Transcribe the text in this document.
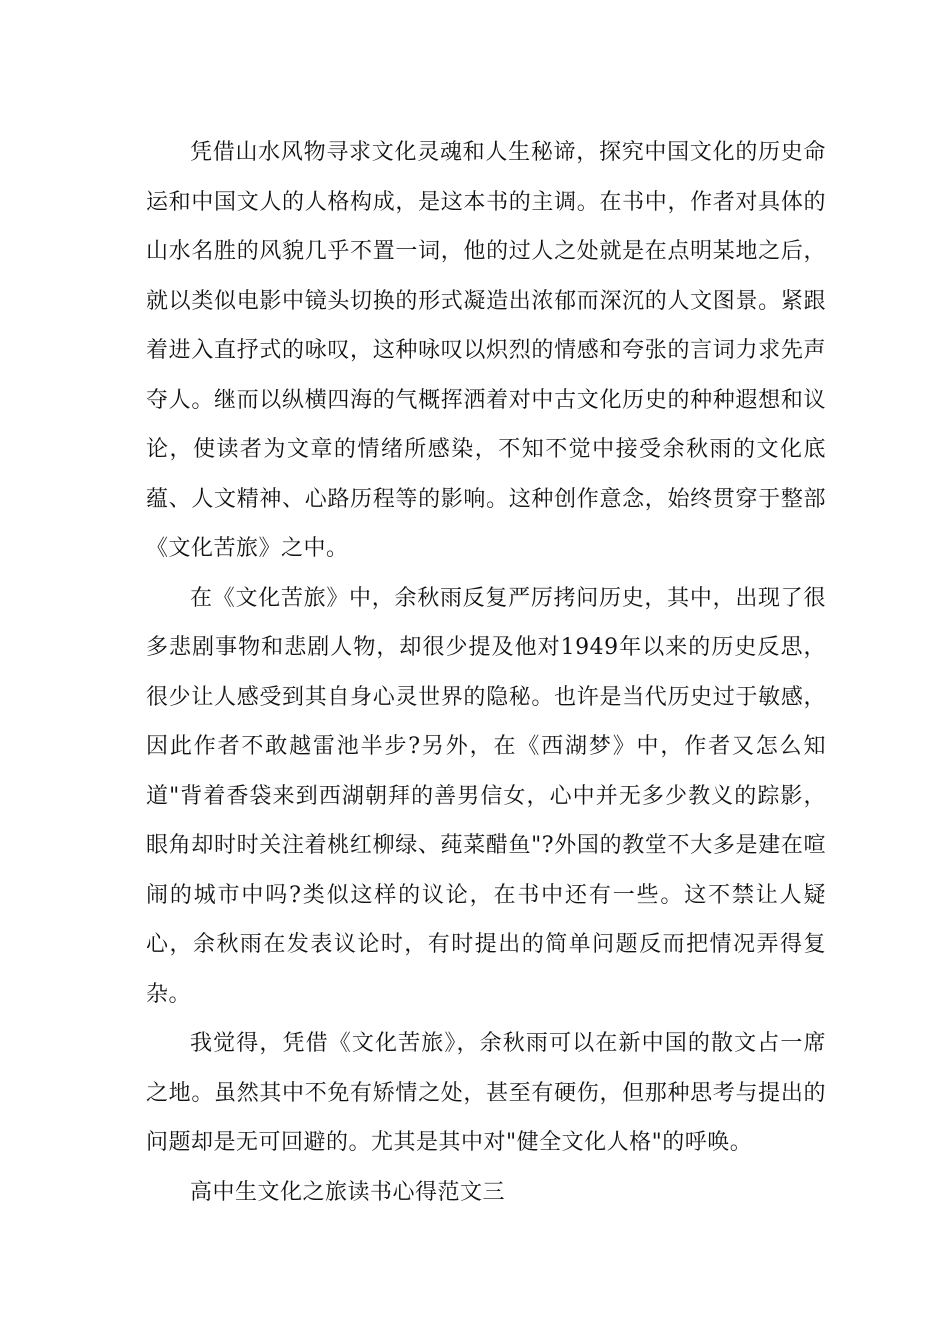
凭借山水风物寻求文化灵魂和人生秘谛，探究中国文化的历史命运和中国文人的人格构成，是这本书的主调。在书中，作者对具体的山水名胜的风貌几乎不置一词，他的过人之处就是在点明某地之后，就以类似电影中镜头切换的形式凝造出浓郁而深沉的人文图景。紧跟着进入直抒式的咏叹，这种咏叹以炽烈的情感和夸张的言词力求先声夺人。继而以纵横四海的气概挥洒着对中古文化历史的种种遐想和议论，使读者为文章的情绪所感染，不知不觉中接受余秋雨的文化底蕴、人文精神、心路历程等的影响。这种创作意念，始终贯穿于整部《文化苦旅》之中。

在《文化苦旅》中，余秋雨反复严厉拷问历史，其中，出现了很多悲剧事物和悲剧人物，却很少提及他对1949年以来的历史反思，很少让人感受到其自身心灵世界的隐秘。也许是当代历史过于敏感，因此作者不敢越雷池半步?另外，在《西湖梦》中，作者又怎么知道"背着香袋来到西湖朝拜的善男信女，心中并无多少教义的踪影，眼角却时时关注着桃红柳绿、莼菜醋鱼"?外国的教堂不大多是建在喧闹的城市中吗?类似这样的议论，在书中还有一些。这不禁让人疑心，余秋雨在发表议论时，有时提出的简单问题反而把情况弄得复杂。

我觉得，凭借《文化苦旅》，余秋雨可以在新中国的散文占一席之地。虽然其中不免有矫情之处，甚至有硬伤，但那种思考与提出的问题却是无可回避的。尤其是其中对"健全文化人格"的呼唤。

高中生文化之旅读书心得范文三
